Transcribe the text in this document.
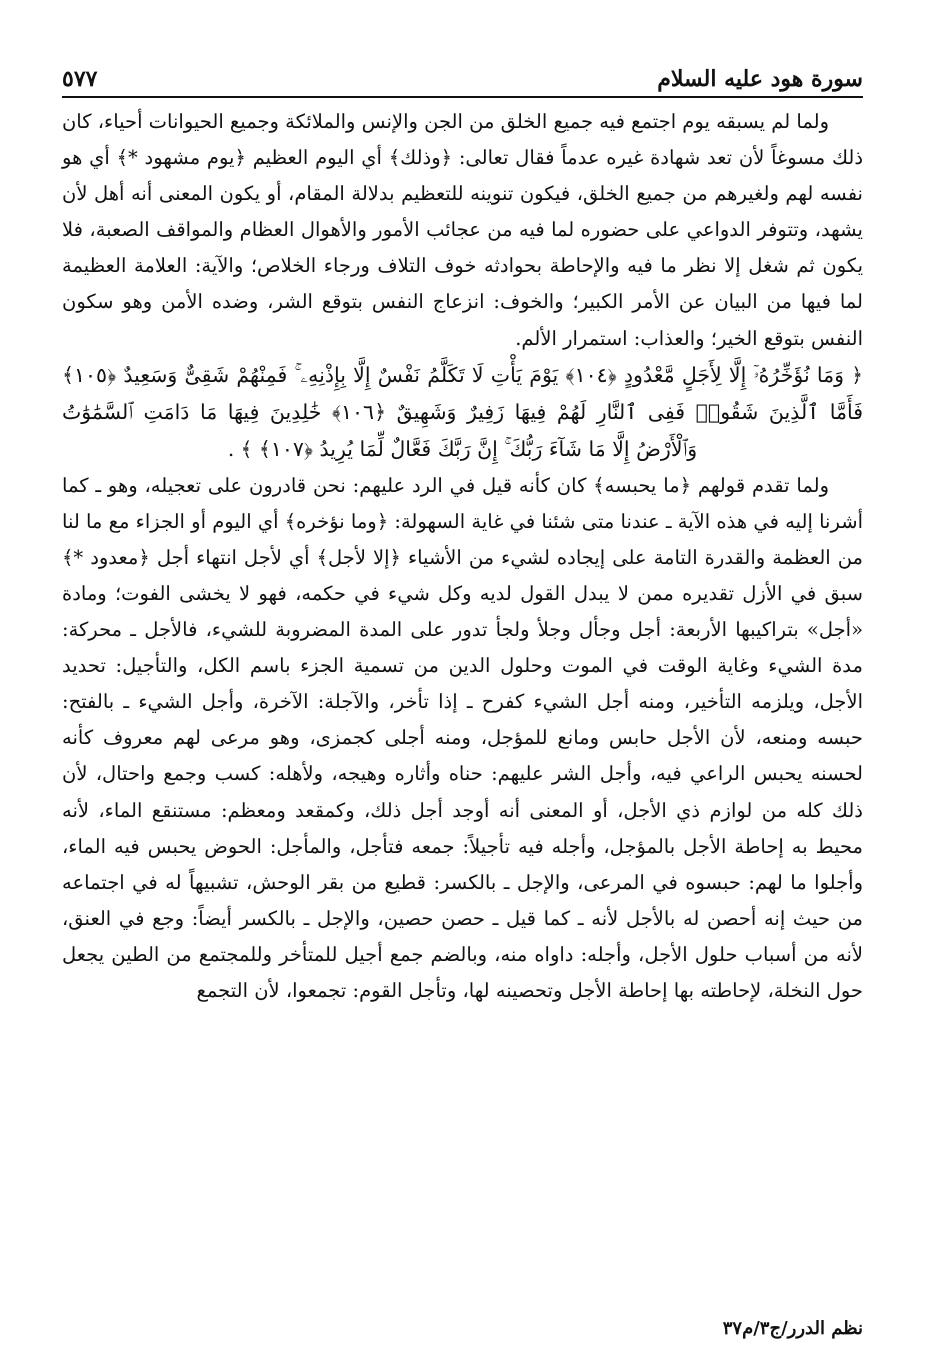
سورة هود عليه السلام
٥٧٧

ولما لم يسبقه يوم اجتمع فيه جميع الخلق من الجن والإنس والملائكة وجميع الحيوانات أحياء، كان ذلك مسوغاً لأن تعد شهادة غيره عدماً فقال تعالى: ﴿وذلك﴾ أي اليوم العظيم ﴿يوم مشهود *﴾ أي هو نفسه لهم ولغيرهم من جميع الخلق، فيكون تنوينه للتعظيم بدلالة المقام، أو يكون المعنى أنه أهل لأن يشهد، وتتوفر الدواعي على حضوره لما فيه من عجائب الأمور والأهوال العظام والمواقف الصعبة، فلا يكون ثم شغل إلا نظر ما فيه والإحاطة بحوادثه خوف التلاف ورجاء الخلاص؛ والآية: العلامة العظيمة لما فيها من البيان عن الأمر الكبير؛ والخوف: انزعاج النفس بتوقع الشر، وضده الأمن وهو سكون النفس بتوقع الخير؛ والعذاب: استمرار الألم.

﴿ وَمَا نُؤَخِّرُهُۥٓ إِلَّا لِأَجَلٍ مَّعْدُودٍ ﴿١٠٤﴾ يَوْمَ يَأْتِ لَا تَكَلَّمُ نَفْسٌ إِلَّا بِإِذْنِهِۦ ۚ فَمِنْهُمْ شَقِىٌّ وَسَعِيدٌ ﴿١٠٥﴾ فَأَمَّا ٱلَّذِينَ شَقُوا۟ فَفِى ٱلنَّارِ لَهُمْ فِيهَا زَفِيرٌ وَشَهِيقٌ ﴿١٠٦﴾ خَٰلِدِينَ فِيهَا مَا دَامَتِ ٱلسَّمَٰوَٰتُ وَٱلْأَرْضُ إِلَّا مَا شَآءَ رَبُّكَ ۚ إِنَّ رَبَّكَ فَعَّالٌ لِّمَا يُرِيدُ ﴿١٠٧﴾ ﴾ .

ولما تقدم قولهم ﴿ما يحبسه﴾ كان كأنه قيل في الرد عليهم: نحن قادرون على تعجيله، وهو ـ كما أشرنا إليه في هذه الآية ـ عندنا متى شئنا في غاية السهولة: ﴿وما نؤخره﴾ أي اليوم أو الجزاء مع ما لنا من العظمة والقدرة التامة على إيجاده لشيء من الأشياء ﴿إلا لأجل﴾ أي لأجل انتهاء أجل ﴿معدود *﴾ سبق في الأزل تقديره ممن لا يبدل القول لديه وكل شيء في حكمه، فهو لا يخشى الفوت؛ ومادة «أجل» بتراكيبها الأربعة: أجل وجأل وجلأ ولجأ تدور على المدة المضروبة للشيء، فالأجل ـ محركة: مدة الشيء وغاية الوقت في الموت وحلول الدين من تسمية الجزء باسم الكل، والتأجيل: تحديد الأجل، ويلزمه التأخير، ومنه أجل الشيء كفرح ـ إذا تأخر، والآجلة: الآخرة، وأجل الشيء ـ بالفتح: حبسه ومنعه، لأن الأجل حابس ومانع للمؤجل، ومنه أجلى كجمزى، وهو مرعى لهم معروف كأنه لحسنه يحبس الراعي فيه، وأجل الشر عليهم: حناه وأثاره وهيجه، ولأهله: كسب وجمع واحتال، لأن ذلك كله من لوازم ذي الأجل، أو المعنى أنه أوجد أجل ذلك، وكمقعد ومعظم: مستنقع الماء، لأنه محيط به إحاطة الأجل بالمؤجل، وأجله فيه تأجيلاً: جمعه فتأجل، والمأجل: الحوض يحبس فيه الماء، وأجلوا ما لهم: حبسوه في المرعى، والإجل ـ بالكسر: قطيع من بقر الوحش، تشبيهاً له في اجتماعه من حيث إنه أحصن له بالأجل لأنه ـ كما قيل ـ حصن حصين، والإجل ـ بالكسر أيضاً: وجع في العنق، لأنه من أسباب حلول الأجل، وأجله: داواه منه، وبالضم جمع أجيل للمتأخر وللمجتمع من الطين يجعل حول النخلة، لإحاطته بها إحاطة الأجل وتحصينه لها، وتأجل القوم: تجمعوا، لأن التجمع

نظم الدرر/ج٣/م٣٧
